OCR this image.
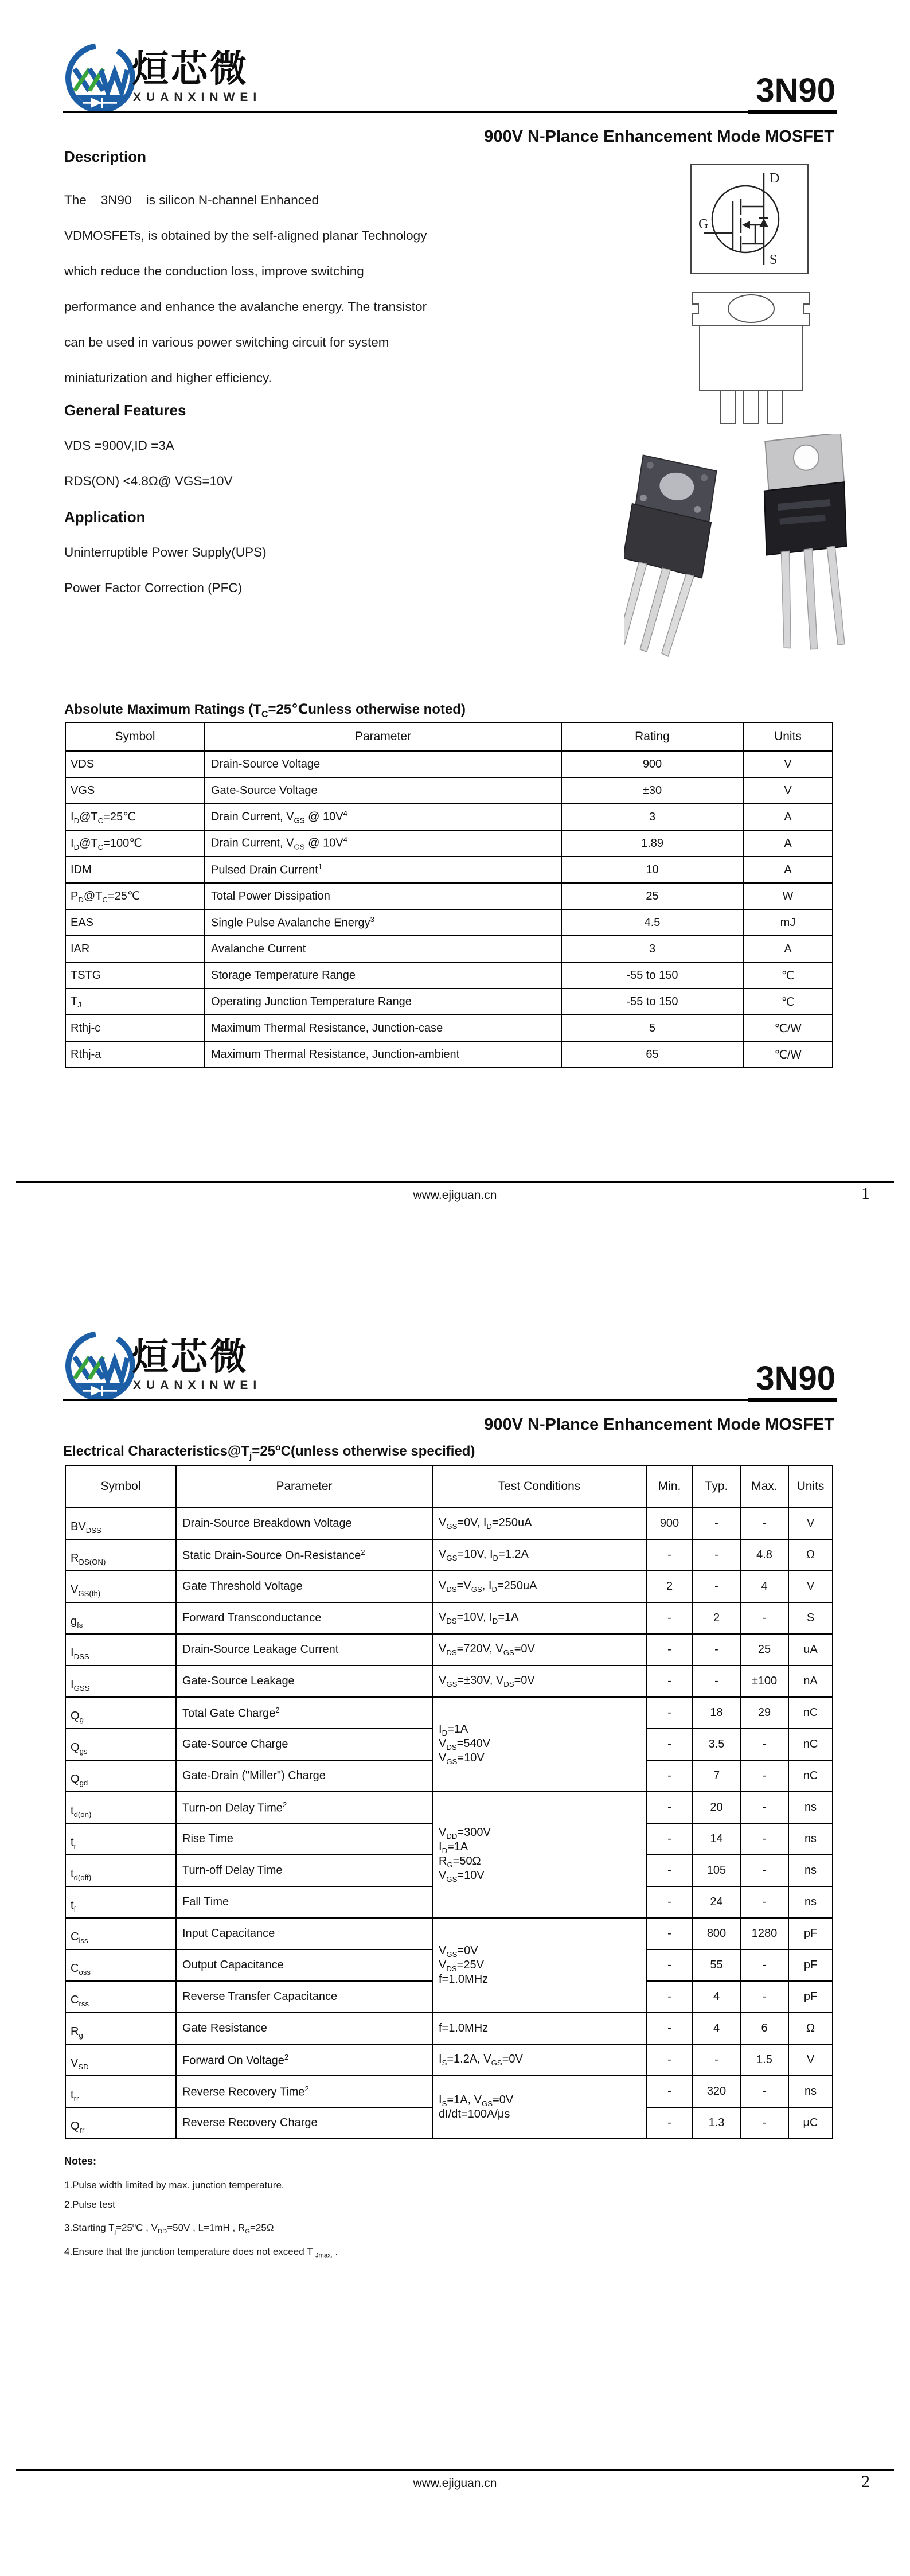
烜芯微
XUANXINWEI	3N90
900V N-Plance Enhancement Mode MOSFET
Description
The    3N90    is silicon N-channel Enhanced
VDMOSFETs, is obtained by the self-aligned planar Technology
which reduce the conduction loss, improve switching
performance and enhance the avalanche energy. The transistor
can be used in various power switching circuit for system
miniaturization and higher efficiency.
General Features
VDS =900V,ID =3A
RDS(ON) <4.8Ω@ VGS=10V
Application
Uninterruptible Power Supply(UPS)
Power Factor Correction (PFC)
D
G
S
Absolute Maximum Ratings ($T_C=25℃unless$ otherwise noted)
Symbol	Parameter	Rating	Units
VDS	Drain-Source Voltage	900	V
VGS	Gate-Source Voltage	±30	V
$I_D@T_C=25℃$	Drain Current, $V_{GS}$ @ $10V^4$	3	A
$I_D@T_C=100℃$	Drain Current, $V_{GS}$ @ $10V^4$	1.89	A
IDM	Pulsed Drain Current$^1$	10	A
$P_D@T_C=25℃$	Total Power Dissipation	25	W
EAS	Single Pulse Avalanche Energy$^3$	4.5	mJ
IAR	Avalanche Current	3	A
TSTG	Storage Temperature Range	-55 to 150	℃
$T_J$	Operating Junction Temperature Range	-55 to 150	℃
Rthj-c	Maximum Thermal Resistance, Junction-case	5	℃/W
Rthj-a	Maximum Thermal Resistance, Junction-ambient	65	℃/W
www.ejiguan.cn	1
烜芯微
XUANXINWEI	3N90
900V N-Plance Enhancement Mode MOSFET
Electrical $Characteristics@T_j=25^oC(unless$ otherwise specified)
Symbol	Parameter	Test Conditions	Min.	Typ.	Max.	Units
$BV_{DSS}$	Drain-Source Breakdown Voltage	$V_{GS}=0V$, $I_D=250uA$	900	-	-	V
$R_{DS(ON)}$	Static Drain-Source On-Resistance$^2$	$V_{GS}=10V$, $I_D=1.2A$	-	-	4.8	Ω
$V_{GS(th)}$	Gate Threshold Voltage	$V_{DS}=V_{GS}$, $I_D=250uA$	2	-	4	V
$g_{fs}$	Forward Transconductance	$V_{DS}=10V$, $I_D=1A$	-	2	-	S
$I_{DSS}$	Drain-Source Leakage Current	$V_{DS}=720V$, $V_{GS}=0V$	-	-	25	uA
$I_{GSS}$	Gate-Source Leakage	$V_{GS}=\pm 30V$, $V_{DS}=0V$	-	-	±100	nA
$Q_g$	Total Gate Charge$^2$	$I_D=1A$
$V_{DS}=540V$
$V_{GS}=10V$	-	18	29	nC
$Q_{gs}$	Gate-Source Charge		-	3.5	-	nC
$Q_{gd}$	Gate-Drain ("Miller") Charge		-	7	-	nC
$t_{d(on)}$	Turn-on Delay Time$^2$	$V_{DD}=300V$
$I_D=1A$
$R_G=50\Omega$
$V_{GS}=10V$	-	20	-	ns
$t_r$	Rise Time		-	14	-	ns
$t_{d(off)}$	Turn-off Delay Time		-	105	-	ns
$t_f$	Fall Time		-	24	-	ns
$C_{iss}$	Input Capacitance	$V_{GS}=0V$
$V_{DS}=25V$
f=1.0MHz	-	800	1280	pF
$C_{oss}$	Output Capacitance		-	55	-	pF
$C_{rss}$	Reverse Transfer Capacitance		-	4	-	pF
$R_g$	Gate Resistance	f=1.0MHz	-	4	6	Ω
$V_{SD}$	Forward On Voltage$^2$	$I_S=1.2A$, $V_{GS}=0V$	-	-	1.5	V
$t_{rr}$	Reverse Recovery Time$^2$	$I_S=1A$, $V_{GS}=0V$
dI/dt=100A/μs	-	320	-	ns
$Q_{rr}$	Reverse Recovery Charge		-	1.3	-	μC
Notes:
1.Pulse width limited by max. junction temperature.
2.Pulse test
3.Starting $T_j=25^oC$ , $V_{DD}=50V$ , L=1mH , $R_G=25\Omega$
4.Ensure that the junction temperature does not exceed T $_{Jmax.}$ .
www.ejiguan.cn	2
